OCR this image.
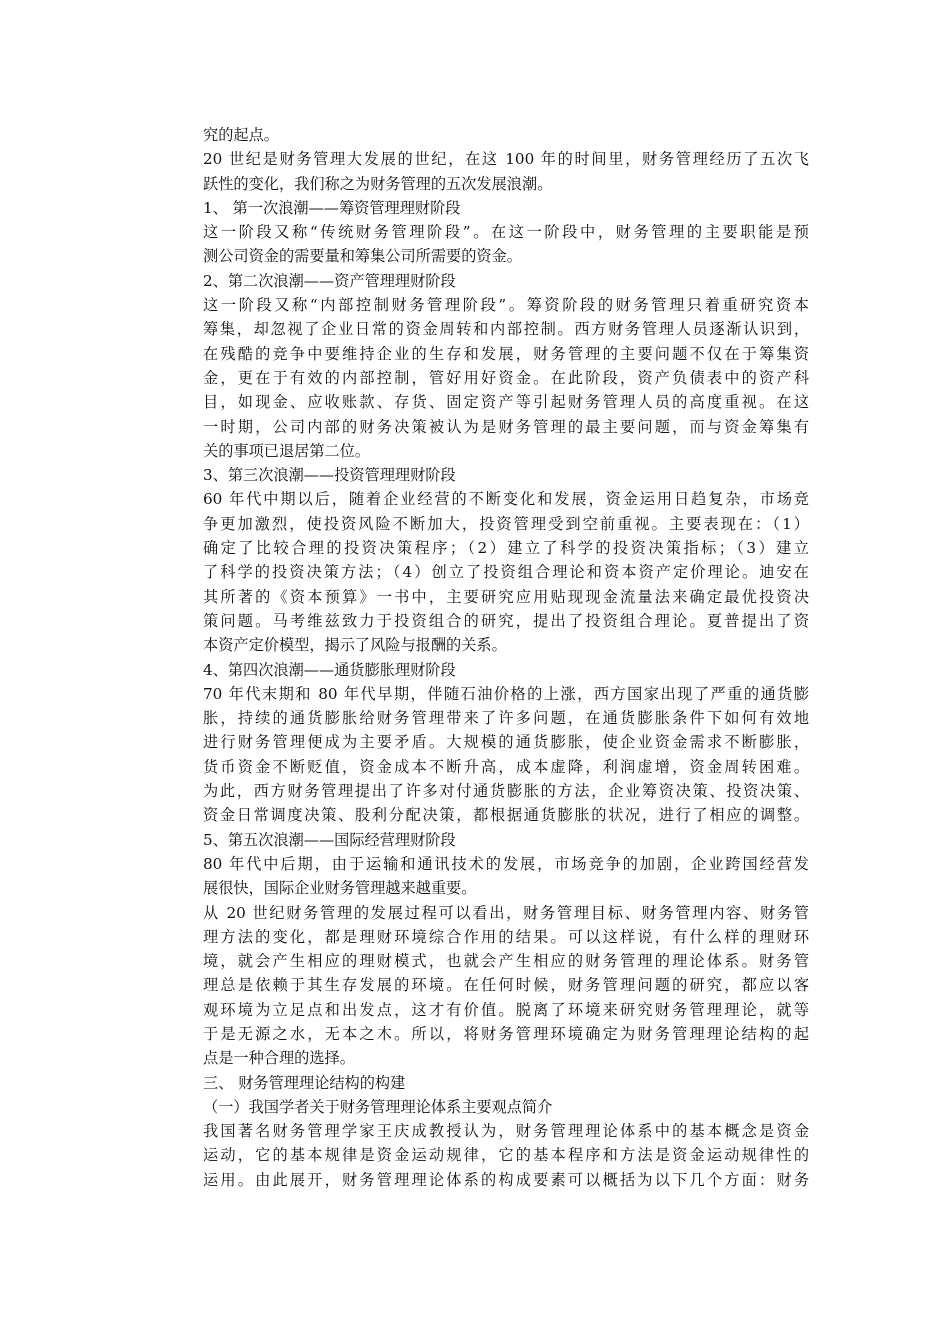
究的起点。
20 世纪是财务管理大发展的世纪，在这 100 年的时间里，财务管理经历了五次飞
跃性的变化，我们称之为财务管理的五次发展浪潮。
1、 第一次浪潮——筹资管理理财阶段
这一阶段又称“传统财务管理阶段”。在这一阶段中，财务管理的主要职能是预
测公司资金的需要量和筹集公司所需要的资金。
2、第二次浪潮——资产管理理财阶段
这一阶段又称“内部控制财务管理阶段”。筹资阶段的财务管理只着重研究资本
筹集，却忽视了企业日常的资金周转和内部控制。西方财务管理人员逐渐认识到，
在残酷的竞争中要维持企业的生存和发展，财务管理的主要问题不仅在于筹集资
金，更在于有效的内部控制，管好用好资金。在此阶段，资产负债表中的资产科
目，如现金、应收账款、存货、固定资产等引起财务管理人员的高度重视。在这
一时期，公司内部的财务决策被认为是财务管理的最主要问题，而与资金筹集有
关的事项已退居第二位。
3、第三次浪潮——投资管理理财阶段
60 年代中期以后，随着企业经营的不断变化和发展，资金运用日趋复杂，市场竞
争更加激烈，使投资风险不断加大，投资管理受到空前重视。主要表现在：（1）
确定了比较合理的投资决策程序；（2）建立了科学的投资决策指标；（3）建立
了科学的投资决策方法；（4）创立了投资组合理论和资本资产定价理论。迪安在
其所著的《资本预算》一书中，主要研究应用贴现现金流量法来确定最优投资决
策问题。马考维兹致力于投资组合的研究，提出了投资组合理论。夏普提出了资
本资产定价模型，揭示了风险与报酬的关系。
4、第四次浪潮——通货膨胀理财阶段
70 年代末期和 80 年代早期，伴随石油价格的上涨，西方国家出现了严重的通货膨
胀，持续的通货膨胀给财务管理带来了许多问题，在通货膨胀条件下如何有效地
进行财务管理便成为主要矛盾。大规模的通货膨胀，使企业资金需求不断膨胀，
货币资金不断贬值，资金成本不断升高，成本虚降，利润虚增，资金周转困难。
为此，西方财务管理提出了许多对付通货膨胀的方法，企业筹资决策、投资决策、
资金日常调度决策、股利分配决策，都根据通货膨胀的状况，进行了相应的调整。
5、第五次浪潮——国际经营理财阶段
80 年代中后期，由于运输和通讯技术的发展，市场竞争的加剧，企业跨国经营发
展很快，国际企业财务管理越来越重要。
从 20 世纪财务管理的发展过程可以看出，财务管理目标、财务管理内容、财务管
理方法的变化，都是理财环境综合作用的结果。可以这样说，有什么样的理财环
境，就会产生相应的理财模式，也就会产生相应的财务管理的理论体系。财务管
理总是依赖于其生存发展的环境。在任何时候，财务管理问题的研究，都应以客
观环境为立足点和出发点，这才有价值。脱离了环境来研究财务管理理论，就等
于是无源之水，无本之木。所以，将财务管理环境确定为财务管理理论结构的起
点是一种合理的选择。
三、 财务管理理论结构的构建
（一）我国学者关于财务管理理论体系主要观点简介
我国著名财务管理学家王庆成教授认为，财务管理理论体系中的基本概念是资金
运动，它的基本规律是资金运动规律，它的基本程序和方法是资金运动规律性的
运用。由此展开，财务管理理论体系的构成要素可以概括为以下几个方面：财务
